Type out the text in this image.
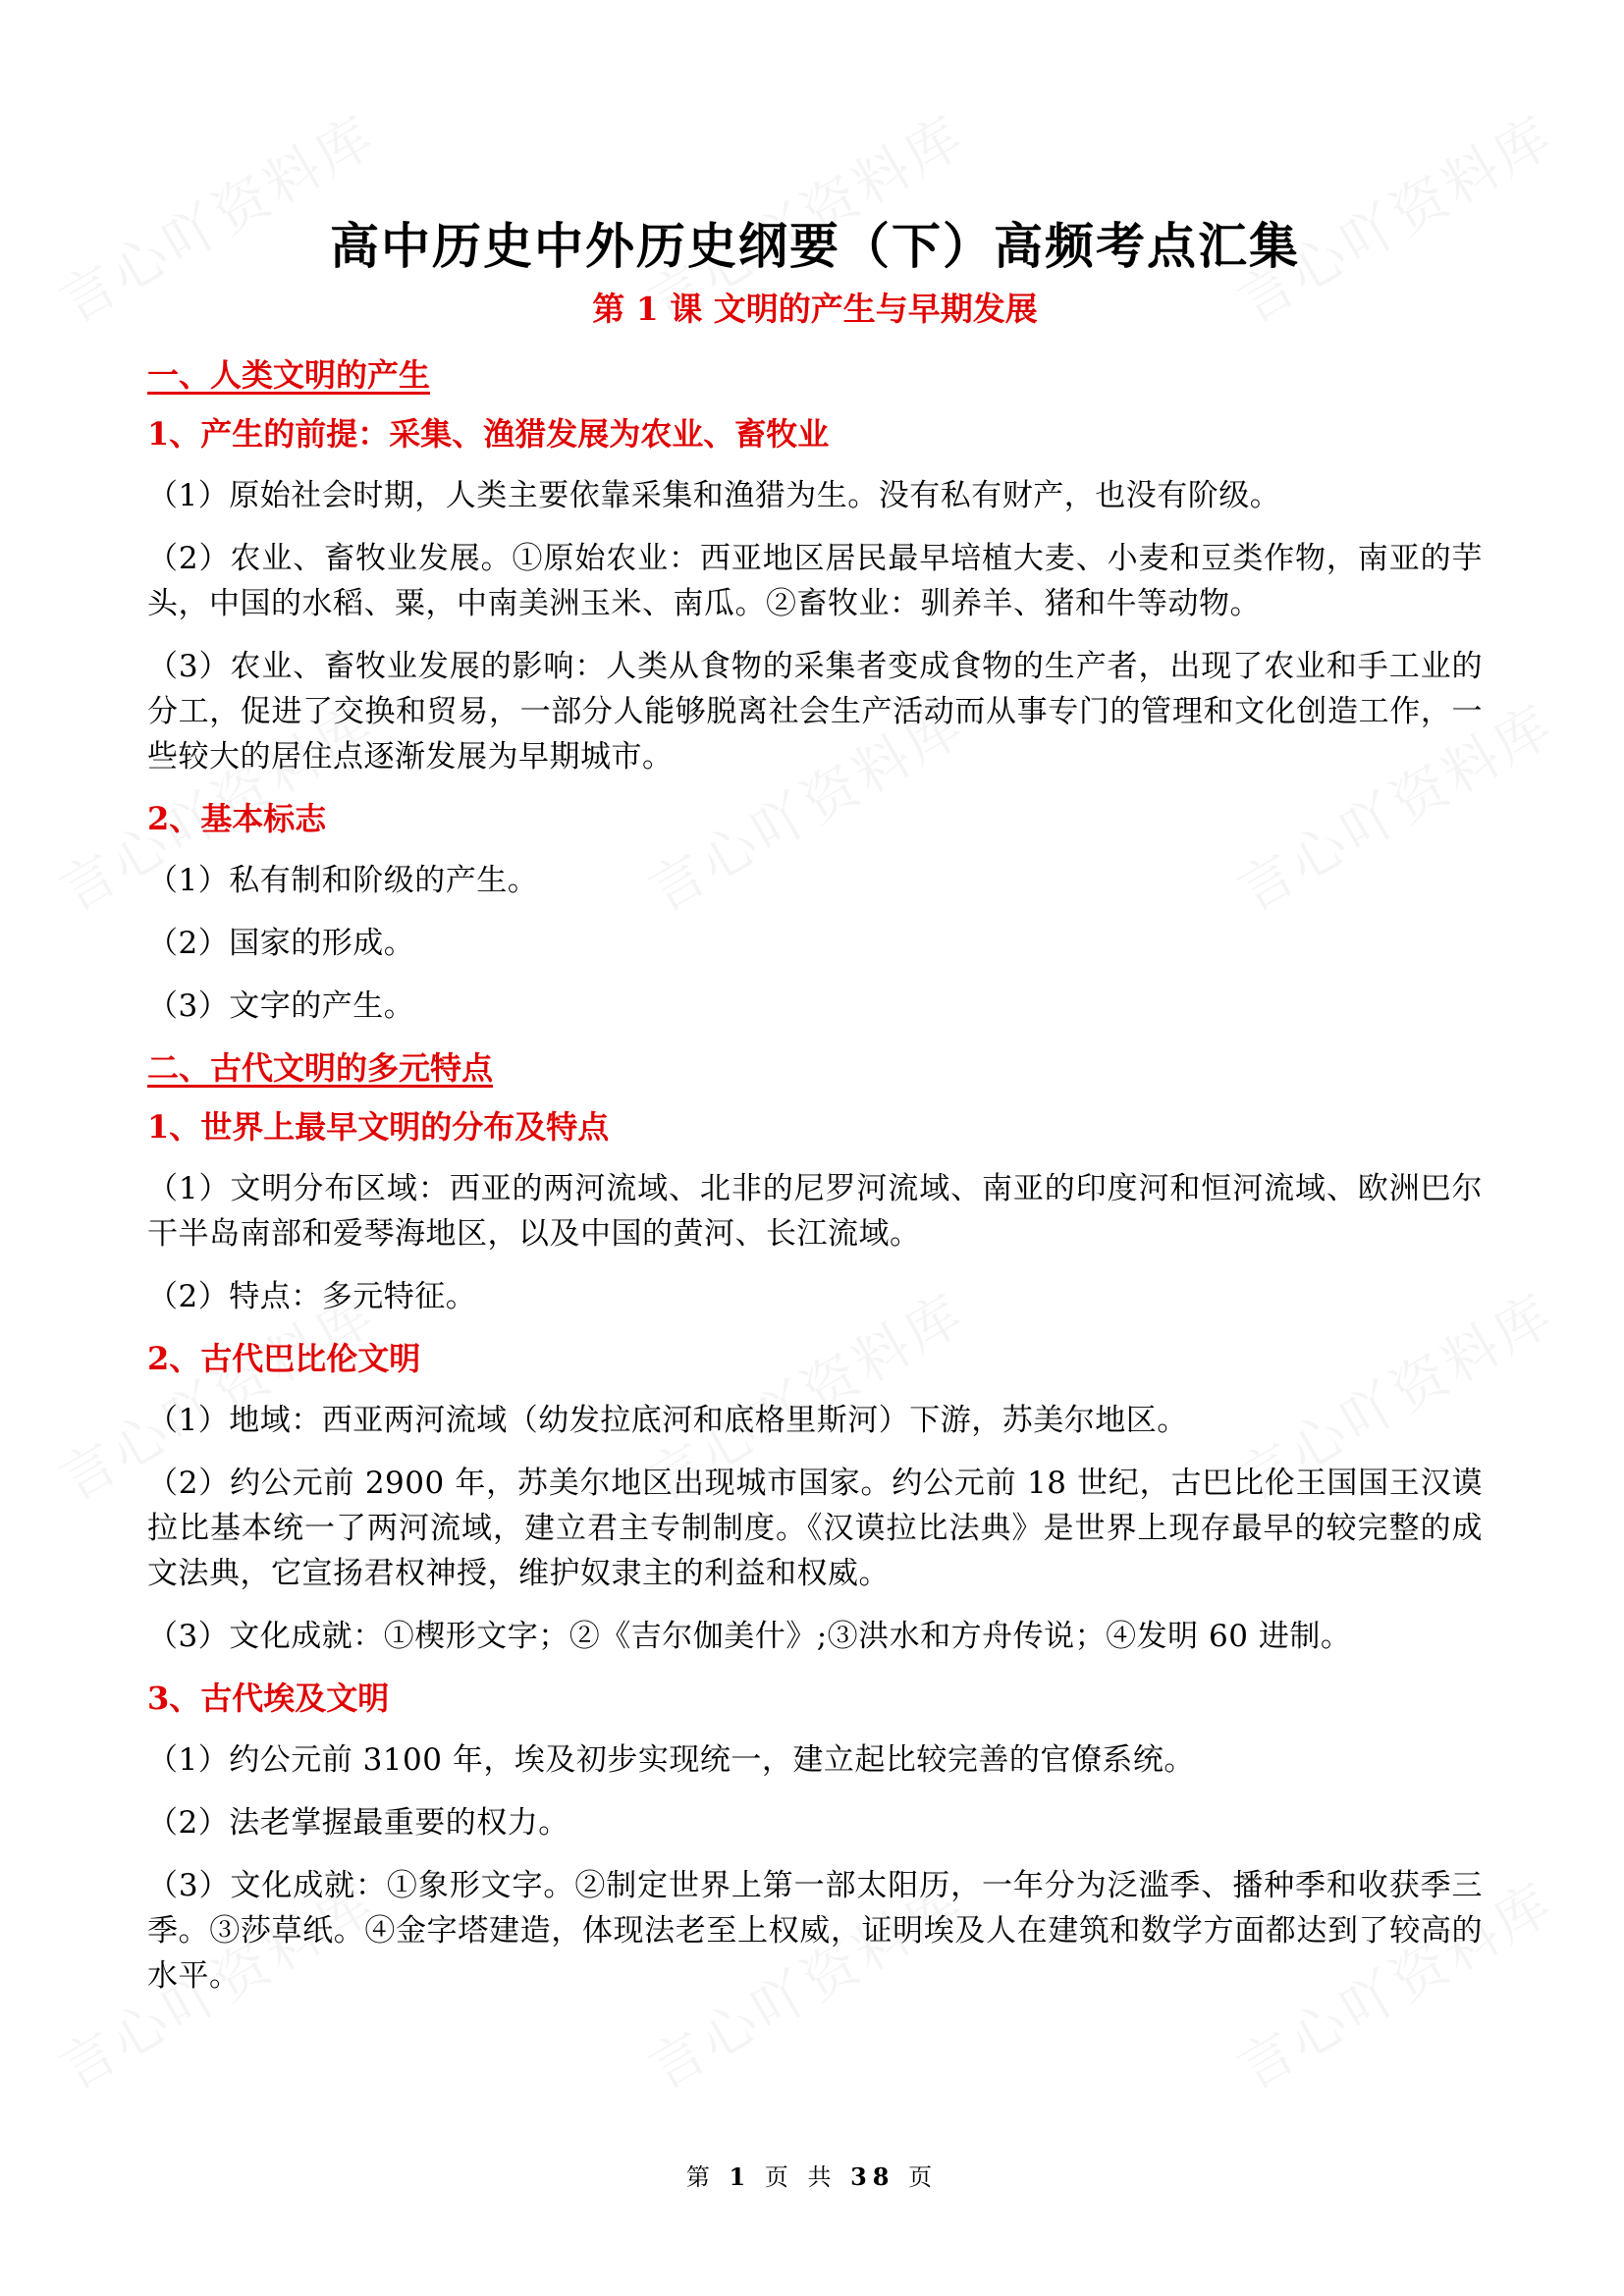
高中历史中外历史纲要（下）高频考点汇集
第 1 课 文明的产生与早期发展
一、人类文明的产生
1、产生的前提：采集、渔猎发展为农业、畜牧业
（1）原始社会时期，人类主要依靠采集和渔猎为生。没有私有财产，也没有阶级。
（2）农业、畜牧业发展。①原始农业：西亚地区居民最早培植大麦、小麦和豆类作物，南亚的芋头，中国的水稻、粟，中南美洲玉米、南瓜。②畜牧业：驯养羊、猪和牛等动物。
（3）农业、畜牧业发展的影响：人类从食物的采集者变成食物的生产者，出现了农业和手工业的分工，促进了交换和贸易，一部分人能够脱离社会生产活动而从事专门的管理和文化创造工作，一些较大的居住点逐渐发展为早期城市。
2、基本标志
（1）私有制和阶级的产生。
（2）国家的形成。
（3）文字的产生。
二、古代文明的多元特点
1、世界上最早文明的分布及特点
（1）文明分布区域：西亚的两河流域、北非的尼罗河流域、南亚的印度河和恒河流域、欧洲巴尔干半岛南部和爱琴海地区，以及中国的黄河、长江流域。
（2）特点：多元特征。
2、古代巴比伦文明
（1）地域：西亚两河流域（幼发拉底河和底格里斯河）下游，苏美尔地区。
（2）约公元前 2900 年，苏美尔地区出现城市国家。约公元前 18 世纪，古巴比伦王国国王汉谟拉比基本统一了两河流域，建立君主专制制度。《汉谟拉比法典》是世界上现存最早的较完整的成文法典，它宣扬君权神授，维护奴隶主的利益和权威。
（3）文化成就：①楔形文字；②《吉尔伽美什》;③洪水和方舟传说；④发明 60 进制。
3、古代埃及文明
（1）约公元前 3100 年，埃及初步实现统一，建立起比较完善的官僚系统。
（2）法老掌握最重要的权力。
（3）文化成就：①象形文字。②制定世界上第一部太阳历，一年分为泛滥季、播种季和收获季三季。③莎草纸。④金字塔建造，体现法老至上权威，证明埃及人在建筑和数学方面都达到了较高的水平。
第 1 页 共 38 页
